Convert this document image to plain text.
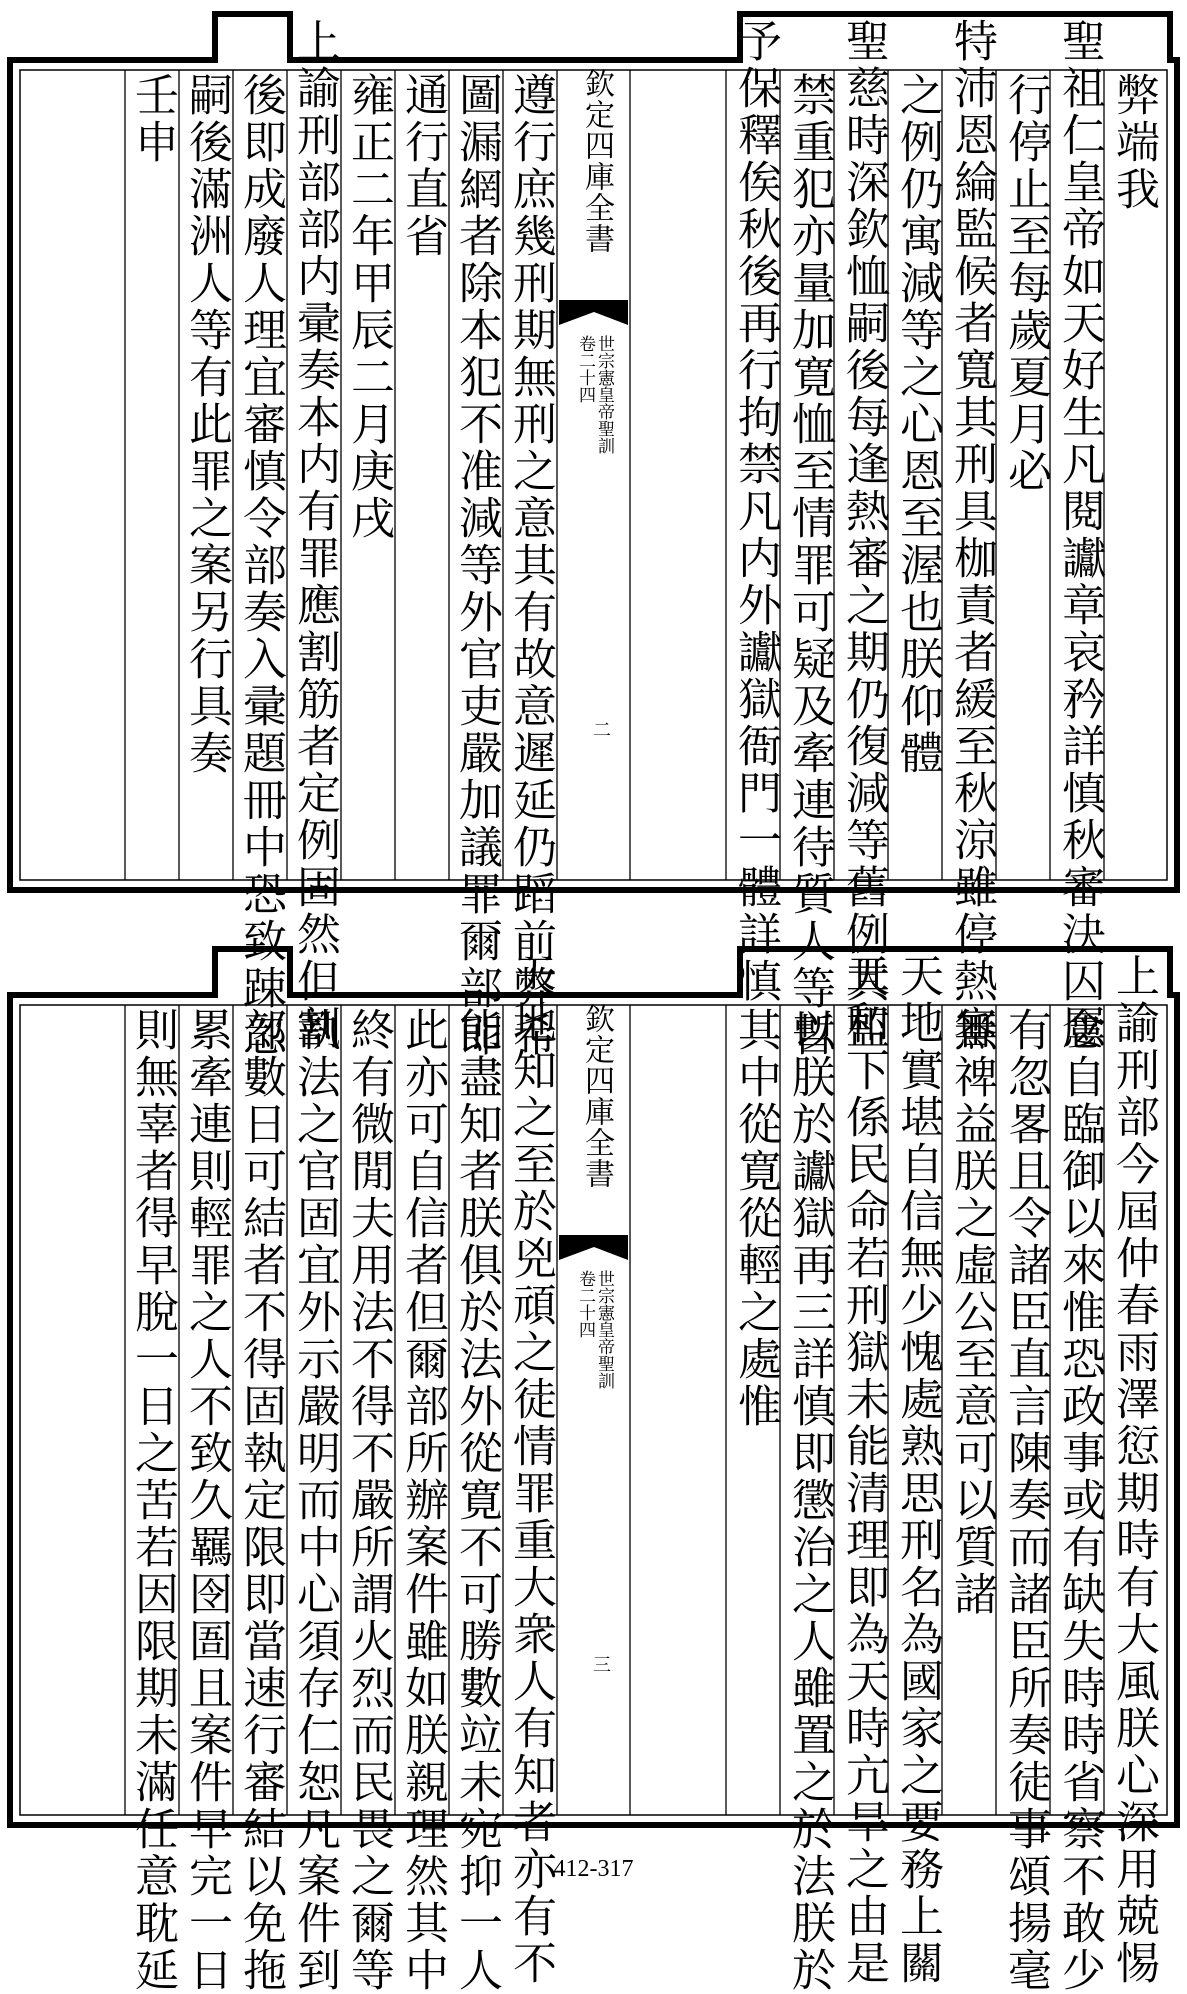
欽定四庫全書
世宗憲皇帝聖訓
卷二十四
二
弊端我
聖祖仁皇帝如天好生凡閱讞章哀矜詳慎秋審決囚屢
行停止至每歲夏月必
特沛恩綸監候者寬其刑具枷責者緩至秋涼雖停熱審
之例仍寓減等之心恩至渥也朕仰體
聖慈時深欽恤嗣後每逢熱審之期仍復減等舊例其監
禁重犯亦量加寛恤至情罪可疑及牽連待質人等暫
予保釋俟秋後再行拘禁凡内外讞獄衙門一體詳慎
遵行庶幾刑期無刑之意其有故意遲延仍蹈前弊希
圖漏網者除本犯不准減等外官吏嚴加議罪爾部即
通行直省
雍正二年甲辰二月庚戌
上諭刑部部内彚奏本内有罪應割筋者定例固然但割
後即成廢人理宜審慎令部奏入彚題冊中恐致踈忽
嗣後滿洲人等有此罪之案另行具奏
壬申
欽定四庫全書
世宗憲皇帝聖訓
卷二十四
三	上諭刑部今屆仲春雨澤愆期時有大風朕心深用兢惕
念自臨御以來惟恐政事或有缺失時時省察不敢少
有忽畧且令諸臣直言陳奏而諸臣所奏徒事頌揚毫
無禆益朕之虛公至意可以質諸
天地實堪自信無少愧處熟思刑名為國家之要務上關
天和下係民命若刑獄未能清理即為天時亢旱之由是
以朕於讞獄再三詳慎即懲治之人雖置之於法朕於
其中從寛從輕之處惟
天地知之至於兇頑之徒情罪重大衆人有知者亦有不
能盡知者朕俱於法外從寛不可勝數竝未宛抑一人
此亦可自信者但爾部所辦案件雖如朕親理然其中
終有微閒夫用法不得不嚴所謂火烈而民畏之爾等
執法之官固宜外示嚴明而中心須存仁恕凡案件到
部數日可結者不得固執定限即當速行審結以免拖
累牽連則輕罪之人不致久羈囹圄且案件早完一日
則無辜者得早脫一日之苦若因限期未滿任意耽延	412-317
